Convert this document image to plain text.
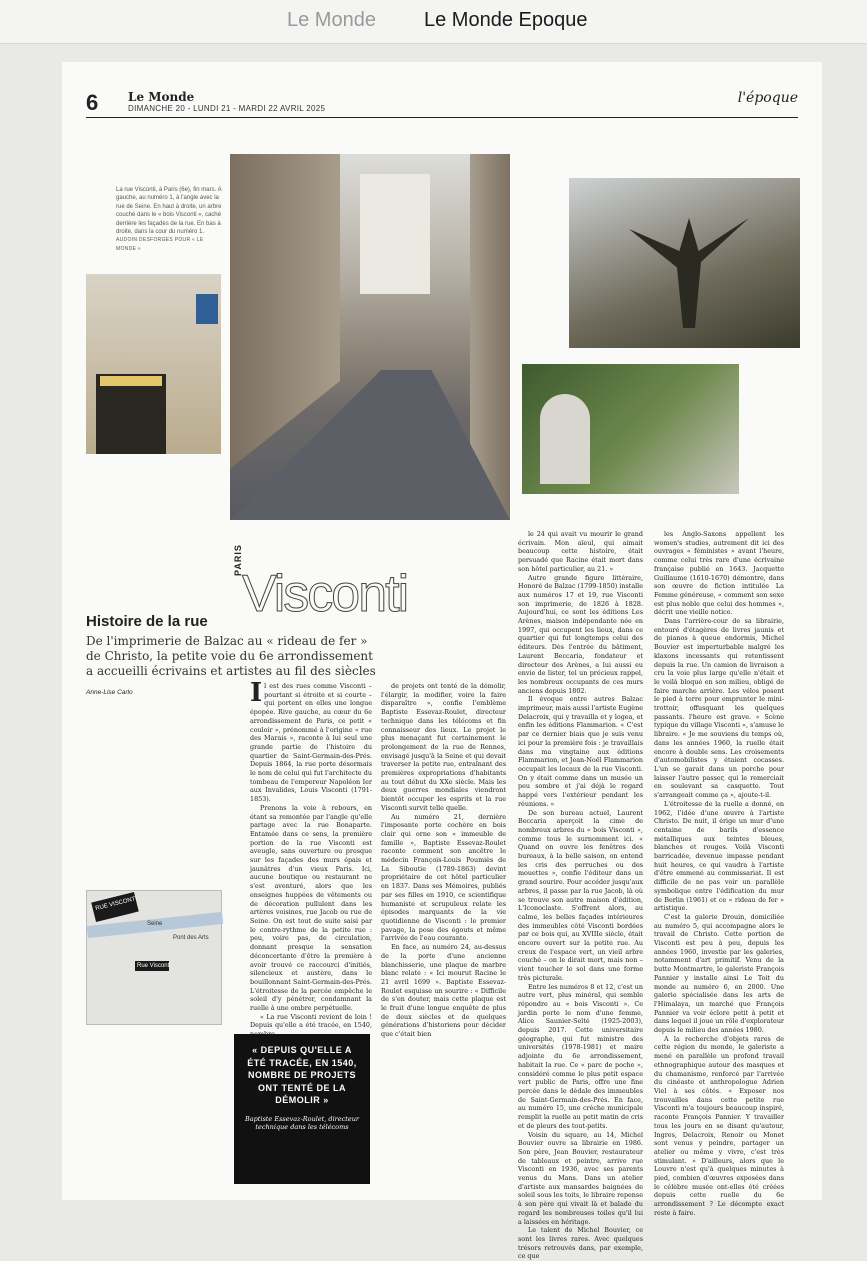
Le Monde Le Monde Epoque
6 Le Monde
DIMANCHE 20 - LUNDI 21 - MARDI 22 AVRIL 2025
l'époque
La rue Visconti, à Paris (6e), fin mars. A gauche, au numéro 1, à l'angle avec la rue de Seine. En haut à droite, un arbre couché dans le « bois Visconti », caché derrière les façades de la rue. En bas à droite, dans la cour du numéro 1.
AUDOIN DESFORGES POUR « LE MONDE »
PARIS
Visconti
Histoire de la rue
De l'imprimerie de Balzac au « rideau de fer » de Christo, la petite voie du 6e arrondissement a accueilli écrivains et artistes au fil des siècles
Anne-Lise Carlo	Il est des rues comme Visconti – pourtant si étroite et si courte – qui portent en elles une longue épopée. Rive gauche, au cœur du 6e arrondissement de Paris, ce petit « couloir », prénommé à l'origine « rue des Marais », raconte à lui seul une grande partie de l'histoire du quartier de Saint-Germain-des-Prés. Depuis 1864, la rue porte désormais le nom de celui qui fut l'architecte du tombeau de l'empereur Napoléon Ier aux Invalides, Louis Visconti (1791-1853).

Prenons la voie à rebours, en étant sa remontée par l'angle qu'elle partage avec la rue Bonaparte. Entamée dans ce sens, la première portion de la rue Visconti est aveugle, sans ouverture ou presque sur les façades des murs épais et jaunâtres d'un vieux Paris. Ici, aucune boutique ou restaurant ne s'est aventuré, alors que les enseignes huppées de vêtements ou de décoration pullulent dans les artères voisines, rue Jacob ou rue de Seine. On est tout de suite saisi par le contre-rythme de la petite rue : peu, voire pas, de circulation, donnant presque la sensation déconcertante d'être la première à avoir trouvé ce raccourci d'initiés, silencieux et austère, dans le bouillonnant Saint-Germain-des-Prés. L'étroitesse de la percée empêche le soleil d'y pénétrer, condamnant la ruelle à une ombre perpétuelle.

« La rue Visconti revient de loin ! Depuis qu'elle a été tracée, en 1540,

de projets ont tenté de la démolir, l'élargir, la modifier, voire la faire disparaître », confie l'emblème Baptiste Essevaz-Roulet, directeur technique dans les télécoms et fin connaisseur des lieux. Le projet le plus menaçant fut certainement le prolongement de la rue de Rennes, envisagé jusqu'à la Seine et qui devait traverser la petite rue, entraînant des premières expropriations d'habitants au tout début du XXe siècle. Mais les deux guerres mondiales viendront bientôt occuper les esprits et la rue Visconti survit telle quelle.

Au numéro 21, dernière l'imposante porte cochère en bois clair qui orne son « immeuble de famille », Baptiste Essevaz-Roulet raconte comment son ancêtre le médecin François-Louis Poumiès de La Siboutie (1789-1863) devint propriétaire de cet hôtel particulier en 1837. Dans ses Mémoires, publiés par ses filles en 1910, ce scientifique humaniste et scrupuleux relate les épisodes marquants de la vie quotidienne de Visconti : le premier pavage, la pose des égouts et même l'arrivée de l'eau courante.

En face, au numéro 24, au-dessus de la porte d'une ancienne blanchisserie, une plaque de marbre blanc relate : « Ici mourut Racine le 21 avril 1699 ». Baptiste Essevaz-Roulet esquisse un sourire : « Difficile de s'en douter, mais cette plaque est le fruit d'une longue enquête de plus de deux siècles et de quelques générations d'historiens pour décider que c'était bien

le 24 qui avait vu mourir le grand écrivain. Mon aïeul, qui aimait beaucoup cette histoire, était persuadé que Racine était mort dans son hôtel particulier, au 21. »

Autre grande figure littéraire, Honoré de Balzac (1799-1850) installe aux numéros 17 et 19, rue Visconti son imprimerie, de 1826 à 1828. Aujourd'hui, ce sont les éditions Les Arènes, maison indépendante née en 1997, qui occupent les lieux, dans ce quartier qui fut longtemps celui des éditeurs. Dès l'entrée du bâtiment, Laurent Beccaria, fondateur et directeur des Arènes, a lui aussi eu envie de lister, tel un précieux rappel, les nombreux occupants de ces murs anciens depuis 1802.

Il évoque entre autres Balzac imprimeur, mais aussi l'artiste Eugène Delacroix, qui y travailla et y logea, et enfin les éditions Flammarion. « C'est par ce dernier biais que je suis venu ici pour la première fois : je travaillais dans ma vingtaine aux éditions Flammarion, et Jean-Noël Flammarion occupait les locaux de la rue Visconti. On y était comme dans un musée un peu sombre et j'ai déjà le regard happé vers l'extérieur pendant les réunions. »

De son bureau actuel, Laurent Beccaria aperçoit la cime de nombreux arbres du « bois Visconti », comme tous le surnomment ici. « Quand on ouvre les fenêtres des bureaux, à la belle saison, on entend les cris des perruches ou des mouettes », confie l'éditeur dans un grand sourire. Pour accéder jusqu'aux arbres, il passe par la rue Jacob, là où se trouve son autre maison d'édition, L'Iconoclaste. S'offrent alors, au calme, les belles façades intérieures des immeubles côté Visconti bordées par ce bois qui, au XVIIIe siècle, était encore ouvert sur la petite rue. Au creux de l'espace vert, un vieil arbre couché – on le dirait mort, mais non – vient toucher le sol dans une forme très picturale.

Entre les numéros 8 et 12, c'est un autre vert, plus minéral, qui semble répondre au « bois Visconti ». Ce jardin porte le nom d'une femme, Alice Saunier-Seïté (1925-2003), depuis 2017. Cette universitaire géographe, qui fut ministre des universités (1978-1981) et maire adjointe du 6e arrondissement, habitait la rue. Ce « parc de poche », considéré comme le plus petit espace vert public de Paris, offre une fine percée dans le dédale des immeubles de Saint-Germain-des-Prés. En face, au numéro 15, une crèche municipale remplit la ruelle au petit matin de cris et de pleurs des tout-petits.

Voisin du square, au 14, Michel Bouvier ouvre sa librairie en 1986. Son père, Jean Bouvier, restaurateur de tableaux et peintre, arrive rue Visconti en 1936, avec ses parents venus du Mans. Dans un atelier d'artiste aux mansardes baignées de soleil sous les toits, le libraire repense à son père qui vivait là et balade du regard les nombreuses toiles qu'il lui a laissées en héritage.

Le talent de Michel Bouvier, ce sont les livres rares. Avec quelques trésors retrouvés dans, par exemple, ce que

les Anglo-Saxons appellent les women's studies, autrement dit ici des ouvrages « féministes » avant l'heure, comme celui très rare d'une écrivaine française publié en 1643. Jacquette Guillaume (1610-1670) démontre, dans son œuvre de fiction intitulée La Femme généreuse, « comment son sexe est plus noble que celui des hommes », décrit une vieille notice.

Dans l'arrière-cour de sa librairie, entouré d'étagères de livres jaunis et de pianos à queue endormis, Michel Bouvier est imperturbable malgré les klaxons incessants qui retentissent depuis la rue. Un camion de livraison a cru la voie plus large qu'elle n'était et le voilà bloqué en son milieu, obligé de faire marche arrière. Les vélos posent le pied à terre pour emprunter le mini-trottoir, offusquant les quelques passants. l'heure est grave. « Scène typique du village Visconti », s'amuse le libraire. « Je me souviens du temps où, dans les années 1960, la ruelle était encore à double sens. Les croisements d'automobilistes y étaient cocasses. L'un se garait dans un porche pour laisser l'autre passer, qui le remerciait en soulevant sa casquette. Tout s'arrangeait comme ça », ajoute-t-il.

L'étroitesse de la ruelle a donné, en 1962, l'idée d'une œuvre à l'artiste Christo. De nuit, il érige un mur d'une centaine de barils d'essence métalliques aux teintes bleues, blanches et rouges. Voilà Visconti barricadée, devenue impasse pendant huit heures, ce qui vaudra à l'artiste d'être emmené au commissariat. Il est difficile de ne pas voir un parallèle symbolique entre l'édification du mur de Berlin (1961) et ce « rideau de fer » artistique.

C'est la galerie Drouin, domiciliée au numéro 5, qui accompagne alors le travail de Christo. Cette portion de Visconti est peu à peu, depuis les années 1960, investie par les galeries, notamment d'art primitif. Venu de la butte Montmartre, le galeriste François Pannier y installe ainsi Le Toit du monde au numéro 6, en 2000. Une galerie spécialisée dans les arts de l'Himalaya, un marché que François Pannier va voir éclore petit à petit et dans lequel il joue un rôle d'explorateur depuis le milieu des années 1980.

A la recherche d'objets rares de cette région du monde, le galeriste a mené en parallèle un profond travail ethnographique autour des masques et du chamanisme, renforcé par l'arrivée du cinéaste et anthropologue Adrien Viel à ses côtés. « Exposer nos trouvailles dans cette petite rue Visconti m'a toujours beaucoup inspiré, raconte François Pannier. Y travailler tous les jours en se disant qu'autour, Ingres, Delacroix, Renoir ou Monet sont venus y peindre, partager un atelier ou même y vivre, c'est très stimulant. » D'ailleurs, alors que le Louvre n'est qu'à quelques minutes à pied, combien d'œuvres exposées dans le célèbre musée ont-elles été créées depuis cette ruelle du 6e arrondissement ? Le décompte exact reste à faire.

RUE VISCONTI
Seine
Pont des Arts
Rue Visconti
« DEPUIS QU'ELLE A ÉTÉ TRACÉE, EN 1540, NOMBRE DE PROJETS ONT TENTÉ DE LA DÉMOLIR »
Baptiste Essevaz-Roulet, directeur technique dans les télécoms
